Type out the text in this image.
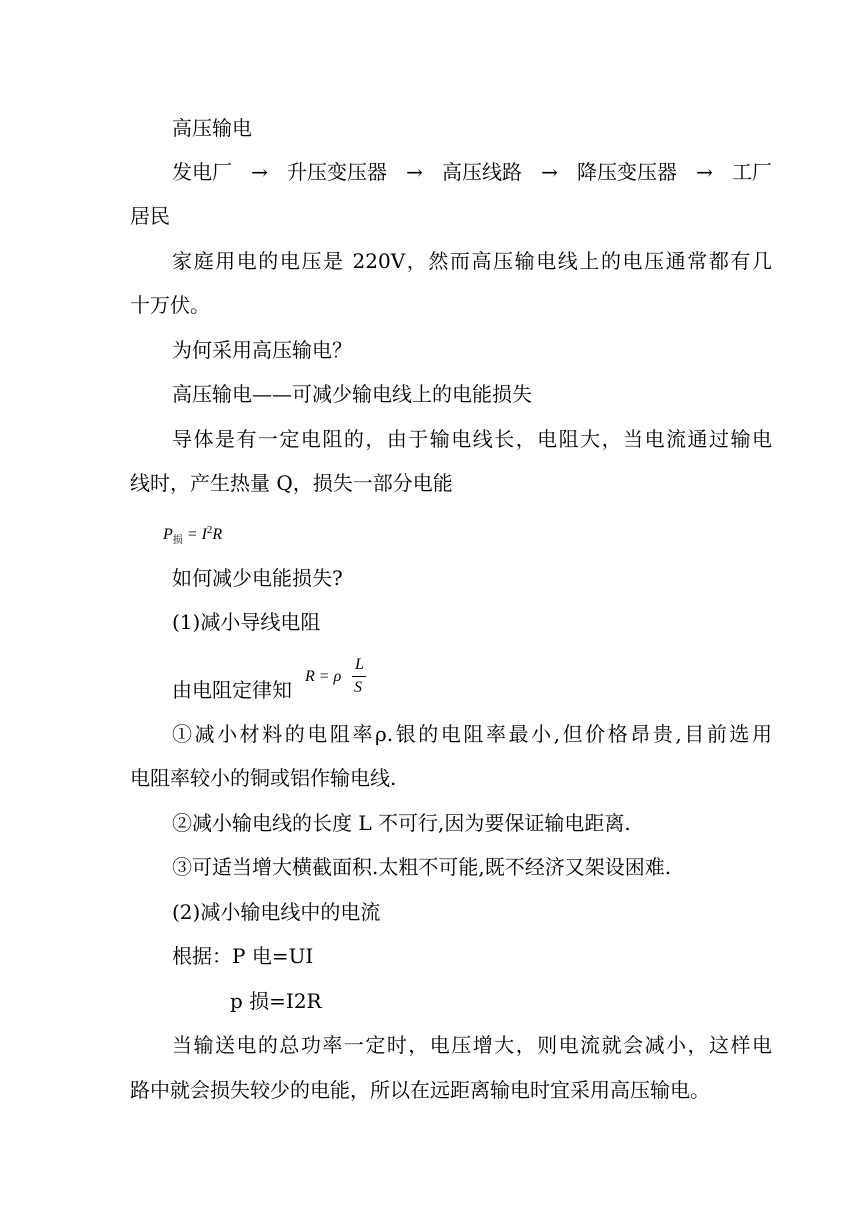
高压输电
发电厂 → 升压变压器 → 高压线路 → 降压变压器 → 工厂
居民
家庭用电的电压是 220V，然而高压输电线上的电压通常都有几
十万伏。
为何采用高压输电？
高压输电——可减少输电线上的电能损失
导体是有一定电阻的，由于输电线长，电阻大，当电流通过输电
线时，产生热量 Q，损失一部分电能
$P_损 = I^2R$
如何减少电能损失?
(1)减小导线电阻
由电阻定律知
R = ρ
L
S
①减小材料的电阻率ρ.银的电阻率最小,但价格昂贵,目前选用
电阻率较小的铜或铝作输电线.
②减小输电线的长度 L 不可行,因为要保证输电距离.
③可适当增大横截面积.太粗不可能,既不经济又架设困难.
(2)减小输电线中的电流
根据：P 电=UI
p 损=I2R
当输送电的总功率一定时，电压增大，则电流就会减小，这样电
路中就会损失较少的电能，所以在远距离输电时宜采用高压输电。
